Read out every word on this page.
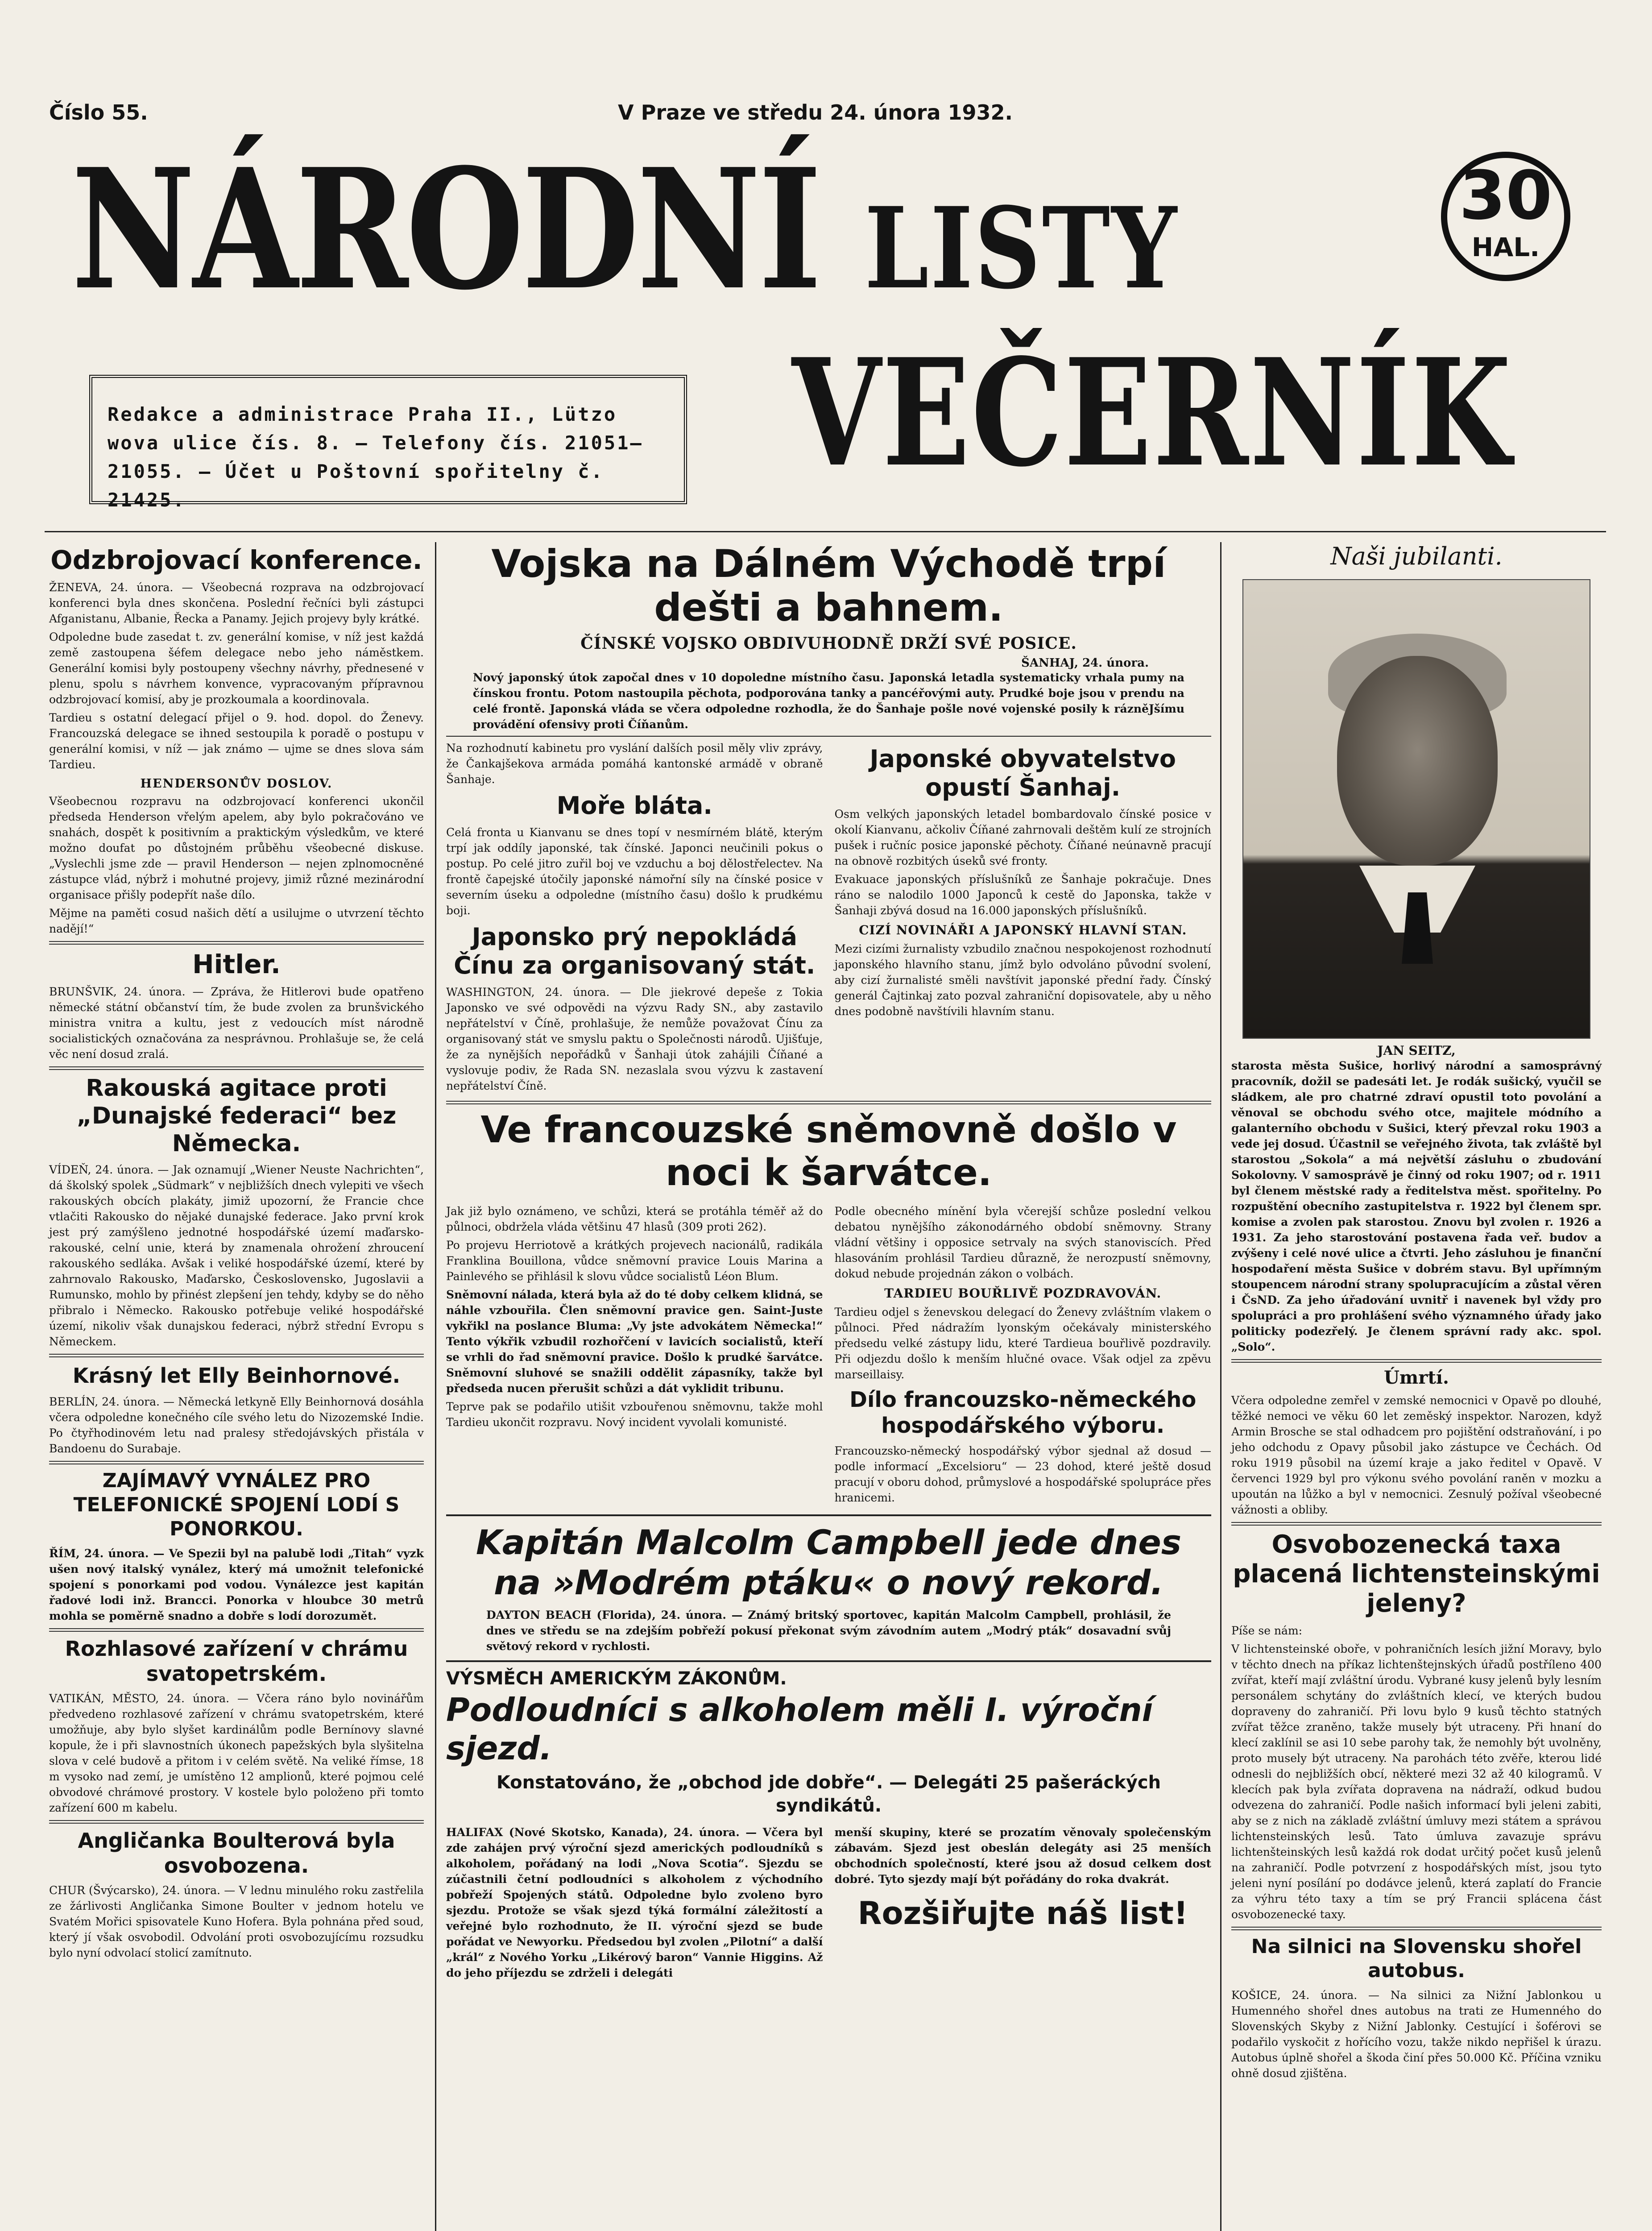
Číslo 55.	V Praze ve středu 24. února 1932.
NÁRODNÍ LISTY	30
HAL.
Redakce a administrace Praha II., Lützo
wova ulice čís. 8. — Telefony čís. 21051—
21055. — Účet u Poštovní spořitelny č. 21425.
VEČERNÍK
Odzbrojovací konference.

ŽENEVA, 24. února. — Všeobecná rozprava na odzbrojovací konferenci byla dnes skončena. Poslední řečníci byli zástupci Afganistanu, Albanie, Řecka a Panamy. Jejich projevy byly krátké.

Odpoledne bude zasedat t. zv. generální komise, v níž jest každá země zastoupena šéfem delegace nebo jeho náměstkem. Generální komisi byly postoupeny všechny návrhy, přednesené v plenu, spolu s návrhem konvence, vypracovaným přípravnou odzbrojovací komisí, aby je prozkoumala a koordinovala.

Tardieu s ostatní delegací přijel o 9. hod. dopol. do Ženevy. Francouzská delegace se ihned sestoupila k poradě o postupu v generální komisi, v níž — jak známo — ujme se dnes slova sám Tardieu.

HENDERSONŮV DOSLOV.

Všeobecnou rozpravu na odzbrojovací konferenci ukončil předseda Henderson vřelým apelem, aby bylo pokračováno ve snahách, dospět k positivním a praktickým výsledkům, ve které možno doufat po důstojném průběhu všeobecné diskuse. „Vyslechli jsme zde — pravil Henderson — nejen zplnomocněné zástupce vlád, nýbrž i mohutné projevy, jimiž různé mezinárodní organisace přišly podepřít naše dílo.

Mějme na paměti cosud našich dětí a usilujme o utvrzení těchto nadějí!“

Hitler.

BRUNŠVIK, 24. února. — Zpráva, že Hitlerovi bude opatřeno německé státní občanství tím, že bude zvolen za brunšvického ministra vnitra a kultu, jest z vedoucích míst národně socialistických označována za nesprávnou. Prohlašuje se, že celá věc není dosud zralá.

Rakouská agitace proti „Dunajské federaci“ bez Německa.

VÍDEŇ, 24. února. — Jak oznamují „Wiener Neuste Nachrichten“, dá školský spolek „Südmark“ v nejbližších dnech vylepiti ve všech rakouských obcích plakáty, jimiž upozorní, že Francie chce vtlačiti Rakousko do nějaké dunajské federace. Jako první krok jest prý zamýšleno jednotné hospodářské území maďarsko-rakouské, celní unie, která by znamenala ohrožení zhroucení rakouského sedláka. Avšak i veliké hospodářské území, které by zahrnovalo Rakousko, Maďarsko, Československo, Jugoslavii a Rumunsko, mohlo by přinést zlepšení jen tehdy, kdyby se do něho přibralo i Německo. Rakousko potřebuje veliké hospodářské území, nikoliv však dunajskou federaci, nýbrž střední Evropu s Německem.

Krásný let Elly Beinhornové.

BERLÍN, 24. února. — Německá letkyně Elly Beinhornová dosáhla včera odpoledne konečného cíle svého letu do Nizozemské Indie. Po čtyřhodinovém letu nad pralesy středojávských přistála v Bandoenu do Surabaje.

ZAJÍMAVÝ VYNÁLEZ PRO TELEFONICKÉ SPOJENÍ LODÍ S PONORKOU.

ŘÍM, 24. února. — Ve Spezii byl na palubě lodi „Titah“ vyzk ušen nový italský vynález, který má umožnit telefonické spojení s ponorkami pod vodou. Vynálezce jest kapitán řadové lodi inž. Brancci. Ponorka v hloubce 30 metrů mohla se poměrně snadno a dobře s lodí dorozumět.

Rozhlasové zařízení v chrámu svatopetrském.

VATIKÁN, MĚSTO, 24. února. — Včera ráno bylo novinářům předvedeno rozhlasové zařízení v chrámu svatopetrském, které umožňuje, aby bylo slyšet kardinálům podle Bernínovy slavné kopule, že i při slavnostních úkonech papežských byla slyšitelna slova v celé budově a přitom i v celém světě. Na veliké římse, 18 m vysoko nad zemí, je umístěno 12 amplionů, které pojmou celé obvodové chrámové prostory. V kostele bylo položeno při tomto zařízení 600 m kabelu.

Angličanka Boulterová byla osvobozena.

CHUR (Švýcarsko), 24. února. — V lednu minulého roku zastřelila ze žárlivosti Angličanka Simone Boulter v jednom hotelu ve Svatém Mořici spisovatele Kuno Hofera. Byla pohnána před soud, který jí však osvobodil. Odvolání proti osvobozujícímu rozsudku bylo nyní odvolací stolicí zamítnuto.

Vojska na Dálném Východě trpí dešti a bahnem.
ČÍNSKÉ VOJSKO OBDIVUHODNĚ DRŽÍ SVÉ POSICE.
ŠANHAJ, 24. února.

Nový japonský útok započal dnes v 10 dopoledne místního času. Japonská letadla systematicky vrhala pumy na čínskou frontu. Potom nastoupila pěchota, podporována tanky a pancéřovými auty. Prudké boje jsou v prendu na celé frontě. Japonská vláda se včera odpoledne rozhodla, že do Šanhaje pošle nové vojenské posily k rázněJšímu provádění ofensivy proti Číňanům.

Na rozhodnutí kabinetu pro vyslání dalších posil měly vliv zprávy, že Čankajšekova armáda pomáhá kantonské armádě v obraně Šanhaje.

Moře bláta.

Celá fronta u Kianvanu se dnes topí v nesmírném blátě, kterým trpí jak oddíly japonské, tak čínské. Japonci neučinili pokus o postup. Po celé jitro zuřil boj ve vzduchu a boj dělostřelectev. Na frontě čapejské útočily japonské námořní síly na čínské posice v severním úseku a odpoledne (místního času) došlo k prudkému boji.

Japonsko prý nepokládá Čínu za organisovaný stát.

WASHINGTON, 24. února. — Dle jiekrové depeše z Tokia Japonsko ve své odpovědi na výzvu Rady SN., aby zastavilo nepřátelství v Číně, prohlašuje, že nemůže považovat Čínu za organisovaný stát ve smyslu paktu o Společnosti národů. Ujišťuje, že za nynějších nepořádků v Šanhaji útok zahájili Číňané a vyslovuje podiv, že Rada SN. nezaslala svou výzvu k zastavení nepřátelství Číně.

Japonské obyvatelstvo opustí Šanhaj.

Osm velkých japonských letadel bombardovalo čínské posice v okolí Kianvanu, ačkoliv Číňané zahrnovali deštěm kulí ze strojních pušek i ručníc posice japonské pěchoty. Číňané neúnavně pracují na obnově rozbitých úseků své fronty.

Evakuace japonských příslušníků ze Šanhaje pokračuje. Dnes ráno se nalodilo 1000 Japonců k cestě do Japonska, takže v Šanhaji zbývá dosud na 16.000 japonských příslušníků.

CIZÍ NOVINÁŘI A JAPONSKÝ HLAVNÍ STAN.

Mezi cizími žurnalisty vzbudilo značnou nespokojenost rozhodnutí japonského hlavního stanu, jímž bylo odvoláno původní svolení, aby cizí žurnalisté směli navštívit japonské přední řady. Čínský generál Čajtinkaj zato pozval zahraniční dopisovatele, aby u něho dnes podobně navštívili hlavním stanu.

Ve francouzské sněmovně došlo v noci k šarvátce.

Jak již bylo oznámeno, ve schůzi, která se protáhla téměř až do půlnoci, obdržela vláda většinu 47 hlasů (309 proti 262).

Po projevu Herriotově a krátkých projevech nacionálů, radikála Franklina Bouillona, vůdce sněmovní pravice Louis Marina a Painlevého se přihlásil k slovu vůdce socialistů Léon Blum.

Sněmovní nálada, která byla až do té doby celkem klidná, se náhle vzbouřila. Člen sněmovní pravice gen. Saint-Juste vykřikl na poslance Bluma: „Vy jste advokátem Německa!“ Tento výkřik vzbudil rozhořčení v lavicích socialistů, kteří se vrhli do řad sněmovní pravice. Došlo k prudké šarvátce. Sněmovní sluhové se snažili oddělit zápasníky, takže byl předseda nucen přerušit schůzi a dát vyklidit tribunu.

Teprve pak se podařilo utišit vzbouřenou sněmovnu, takže mohl Tardieu ukončit rozpravu. Nový incident vyvolali komunisté.

Podle obecného mínění byla včerejší schůze poslední velkou debatou nynějšího zákonodárného období sněmovny. Strany vládní většiny i opposice setrvaly na svých stanoviscích. Před hlasováním prohlásil Tardieu důrazně, že nerozpustí sněmovny, dokud nebude projednán zákon o volbách.

TARDIEU BOUŘLIVĚ POZDRAVOVÁN.

Tardieu odjel s ženevskou delegací do Ženevy zvláštním vlakem o půlnoci. Před nádražím lyonským očekávaly ministerského předsedu velké zástupy lidu, které Tardieua bouřlivě pozdravily. Při odjezdu došlo k menším hlučné ovace. Však odjel za zpěvu marseillaisy.

Dílo francouzsko-německého hospodářského výboru.

Francouzsko-německý hospodářský výbor sjednal až dosud — podle informací „Excelsioru“ — 23 dohod, které ještě dosud pracují v oboru dohod, průmyslové a hospodářské spolupráce přes hranicemi.

Kapitán Malcolm Campbell jede dnes
na »Modrém ptáku« o nový rekord.

DAYTON BEACH (Florida), 24. února. — Známý britský sportovec, kapitán Malcolm Campbell, prohlásil, že dnes ve středu se na zdejším pobřeží pokusí překonat svým závodním autem „Modrý pták“ dosavadní svůj světový rekord v rychlosti.

VÝSMĚCH AMERICKÝM ZÁKONŮM.
Podloudníci s alkoholem měli I. výroční sjezd.
Konstatováno, že „obchod jde dobře“. — Delegáti 25 pašeráckých syndikátů.

HALIFAX (Nové Skotsko, Kanada), 24. února. — Včera byl zde zahájen prvý výroční sjezd amerických podloudníků s alkoholem, pořádaný na lodi „Nova Scotia“. Sjezdu se zúčastnili četní podloudníci s alkoholem z východního pobřeží Spojených států. Odpoledne bylo zvoleno byro sjezdu. Protože se však sjezd týká formální záležitostí a veřejné bylo rozhodnuto, že II. výroční sjezd se bude pořádat ve Newyorku. Předsedou byl zvolen „Pilotní“ a další „král“ z Nového Yorku „Likérový baron“ Vannie Higgins. Až do jeho příjezdu se zdrželi i delegáti

menší skupiny, které se prozatím věnovaly společenským zábavám. Sjezd jest obeslán delegáty asi 25 menších obchodních společností, které jsou až dosud celkem dost dobré. Tyto sjezdy mají být pořádány do roka dvakrát.

Rozšiřujte náš list!
Naši jubilanti.
JAN SEITZ,

starosta města Sušice, horlivý národní a samosprávný pracovník, dožil se padesáti let. Je rodák sušický, vyučil se sládkem, ale pro chatrné zdraví opustil toto povolání a věnoval se obchodu svého otce, majitele módního a galanterního obchodu v Sušici, který převzal roku 1903 a vede jej dosud. Účastnil se veřejného života, tak zvláště byl starostou „Sokola“ a má největší zásluhu o zbudování Sokolovny. V samosprávě je činný od roku 1907; od r. 1911 byl členem městské rady a ředitelstva měst. spořitelny. Po rozpuštění obecního zastupitelstva r. 1922 byl členem spr. komise a zvolen pak starostou. Znovu byl zvolen r. 1926 a 1931. Za jeho starostování postavena řada veř. budov a zvýšeny i celé nové ulice a čtvrti. Jeho zásluhou je finanční hospodaření města Sušice v dobrém stavu. Byl upřímným stoupencem národní strany spolupracujícím a zůstal věren i ČsND. Za jeho úřadování uvnitř i navenek byl vždy pro spolupráci a pro prohlášení svého významného úřady jako politicky podezřelý. Je členem správní rady akc. spol. „Solo“.

Úmrtí.

Včera odpoledne zemřel v zemské nemocnici v Opavě po dlouhé, těžké nemoci ve věku 60 let zeměský inspektor. Narozen, když Armin Brosche se stal odhadcem pro pojištění odstraňování, i po jeho odchodu z Opavy působil jako zástupce ve Čechách. Od roku 1919 působil na území kraje a jako ředitel v Opavě. V červenci 1929 byl pro výkonu svého povolání raněn v mozku a upoután na lůžko a byl v nemocnici. Zesnulý požíval všeobecné vážnosti a obliby.

Osvobozenecká taxa placená lichtensteinskými jeleny?

Píše se nám:

V lichtensteinské oboře, v pohraničních lesích jižní Moravy, bylo v těchto dnech na příkaz lichtenštejnských úřadů postříleno 400 zvířat, kteří mají zvláštní úrodu. Vybrané kusy jelenů byly lesním personálem schytány do zvláštních klecí, ve kterých budou dopraveny do zahraničí. Při lovu bylo 9 kusů těchto statných zvířat těžce zraněno, takže musely být utraceny. Při hnaní do klecí zaklínil se asi 10 sebe parohy tak, že nemohly být uvolněny, proto musely být utraceny. Na parohách této zvěře, kterou lidé odnesli do nejbližších obcí, některé mezi 32 až 40 kilogramů. V klecích pak byla zvířata dopravena na nádraží, odkud budou odvezena do zahraničí. Podle našich informací byli jeleni zabiti, aby se z nich na základě zvláštní úmluvy mezi státem a správou lichtensteinských lesů. Tato úmluva zavazuje správu lichtenšteinských lesů každá rok dodat určitý počet kusů jelenů na zahraničí. Podle potvrzení z hospodářských míst, jsou tyto jeleni nyní posílání po dodávce jelenů, která zaplatí do Francie za výhru této taxy a tím se prý Francii splácena část osvobozenecké taxy.

Na silnici na Slovensku shořel autobus.

KOŠICE, 24. února. — Na silnici za Nižní Jablonkou u Humenného shořel dnes autobus na trati ze Humenného do Slovenských Skyby z Nižní Jablonky. Cestující i šoférovi se podařilo vyskočit z hořícího vozu, takže nikdo nepřišel k úrazu. Autobus úplně shořel a škoda činí přes 50.000 Kč. Příčina vzniku ohně dosud zjištěna.
